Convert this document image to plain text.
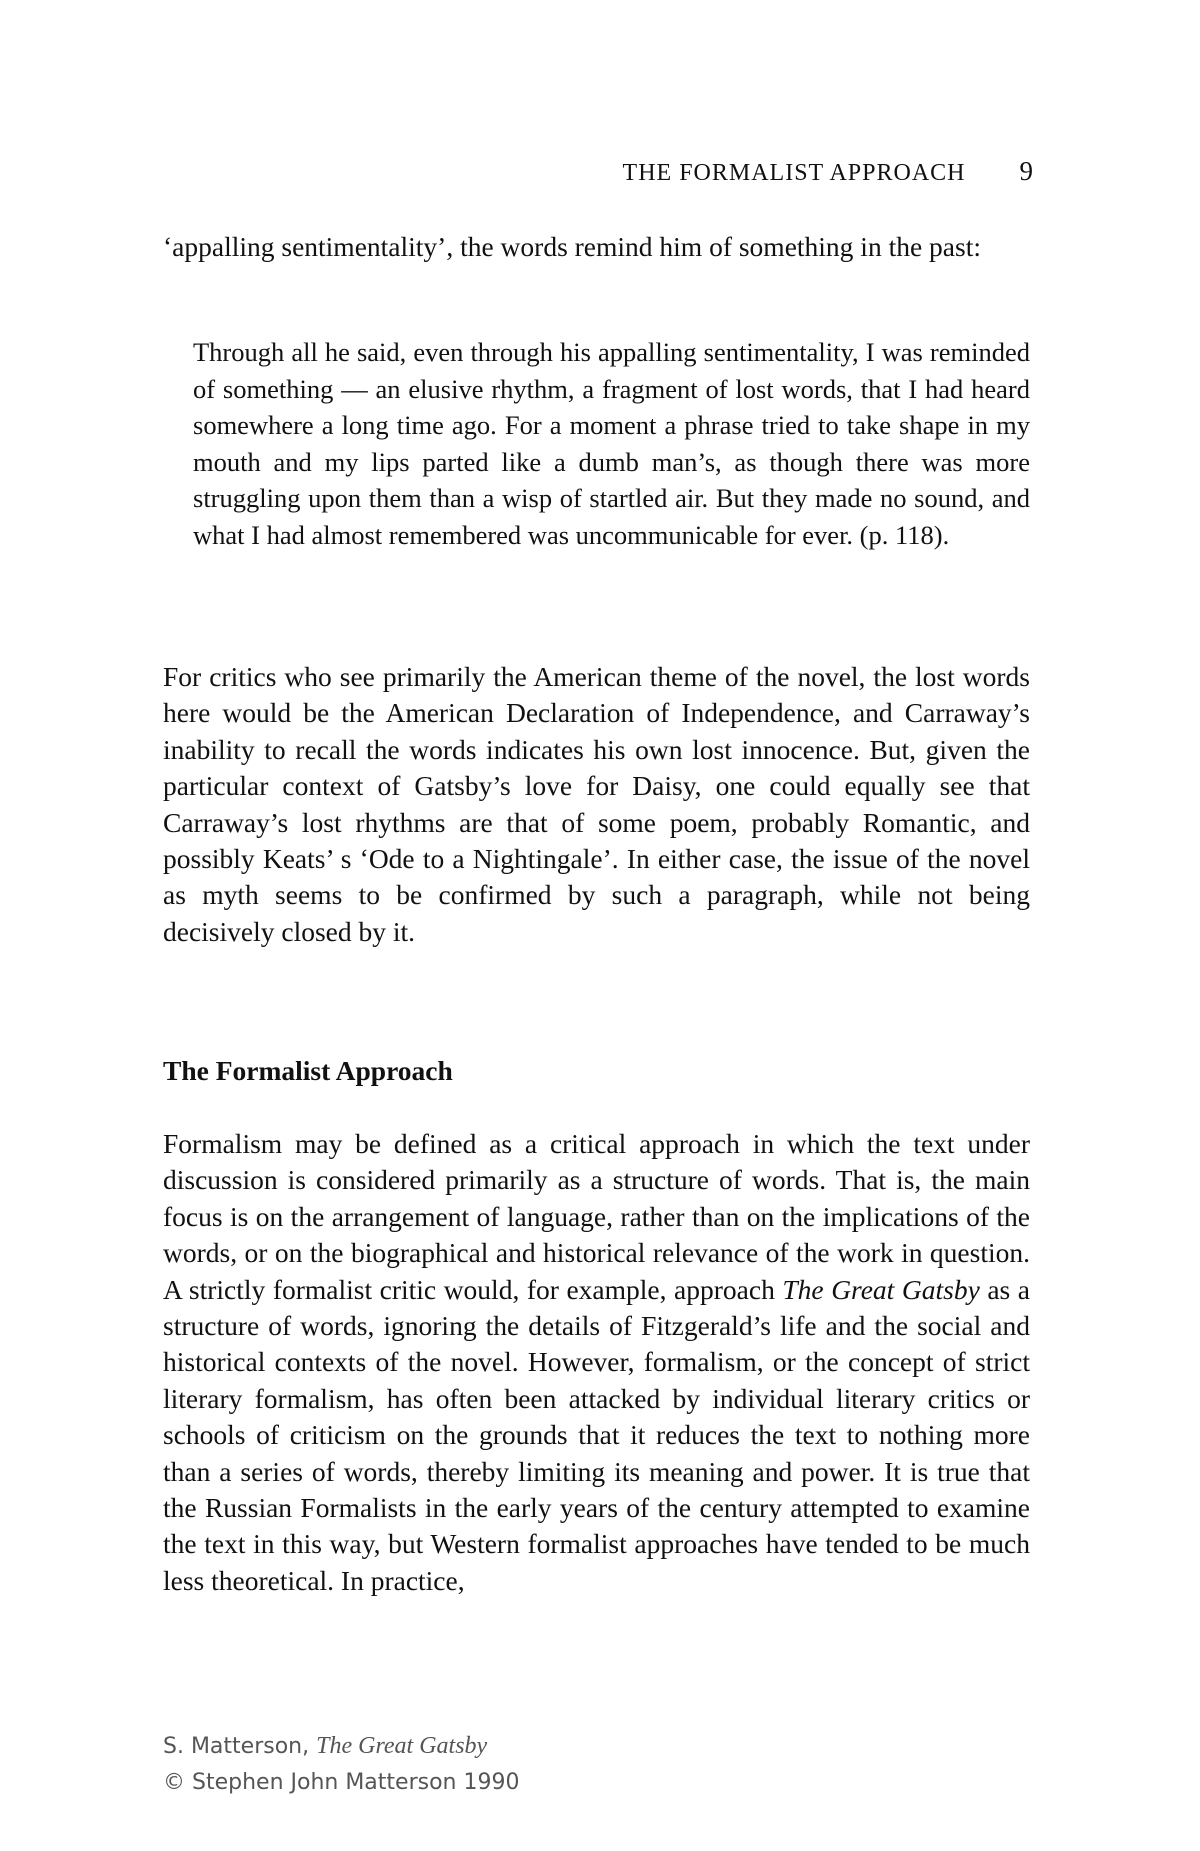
THE FORMALIST APPROACH 9

‘appalling sentimentality’, the words remind him of something in the past:

Through all he said, even through his appalling sentimentality, I was reminded of something — an elusive rhythm, a fragment of lost words, that I had heard somewhere a long time ago. For a moment a phrase tried to take shape in my mouth and my lips parted like a dumb man’s, as though there was more struggling upon them than a wisp of startled air. But they made no sound, and what I had almost remembered was uncommunicable for ever. (p. 118).

For critics who see primarily the American theme of the novel, the lost words here would be the American Declaration of Independence, and Carraway’s inability to recall the words indicates his own lost innocence. But, given the particular context of Gatsby’s love for Daisy, one could equally see that Carraway’s lost rhythms are that of some poem, probably Romantic, and possibly Keats’ s ‘Ode to a Nightingale’. In either case, the issue of the novel as myth seems to be confirmed by such a paragraph, while not being decisively closed by it.

The Formalist Approach

Formalism may be defined as a critical approach in which the text under discussion is considered primarily as a structure of words. That is, the main focus is on the arrangement of language, rather than on the implications of the words, or on the biographical and historical relevance of the work in question. A strictly formalist critic would, for example, approach The Great Gatsby as a structure of words, ignoring the details of Fitzgerald’s life and the social and historical contexts of the novel. However, formalism, or the concept of strict literary formalism, has often been attacked by individual literary critics or schools of criticism on the grounds that it reduces the text to nothing more than a series of words, thereby limiting its meaning and power. It is true that the Russian Formalists in the early years of the century attempted to examine the text in this way, but Western formalist approaches have tended to be much less theoretical. In practice,

S. Matterson, The Great Gatsby
© Stephen John Matterson 1990
